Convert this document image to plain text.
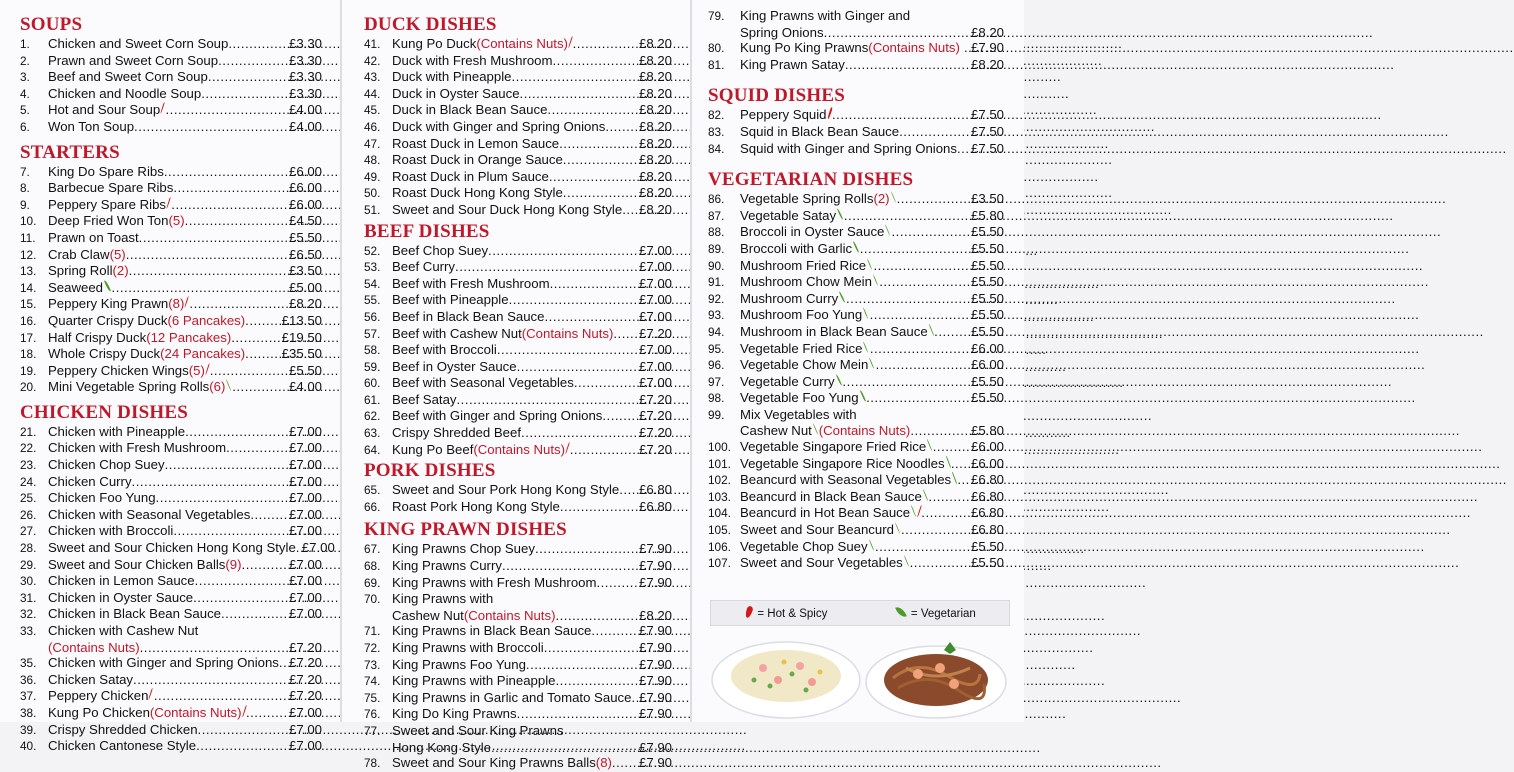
SOUPS
1.	Chicken and Sweet Corn Soup .....	£3.30
2.	Prawn and Sweet Corn Soup .....	£3.30
3.	Beef and Sweet Corn Soup .....	£3.30
4.	Chicken and Noodle Soup .....	£3.30
5.	Hot and Sour Soup .....	£4.00
6.	Won Ton Soup .....	£4.00
STARTERS
7.	King Do Spare Ribs .....	£6.00
8.	Barbecue Spare Ribs .....	£6.00
9.	Peppery Spare Ribs .....	£6.00
10. Deep Fried Won Ton (5) .....	£4.50
11. Prawn on Toast .....	£5.50
12. Crab Claw (5) .....	£6.50
13. Spring Roll (2) .....	£3.50
14. Seaweed .....	£5.00
15. Peppery King Prawn (8) .....	£8.20
16. Quarter Crispy Duck (6 Pancakes) .....	£13.50
17. Half Crispy Duck (12 Pancakes) .....	£19.50
18. Whole Crispy Duck (24 Pancakes) .....	£35.50
19. Peppery Chicken Wings (5) .....	£5.50
20. Mini Vegetable Spring Rolls (6) .....	£4.00
CHICKEN DISHES
21. Chicken with Pineapple .....	£7.00
22. Chicken with Fresh Mushroom .....	£7.00
23. Chicken Chop Suey .....	£7.00
24. Chicken Curry .....	£7.00
25. Chicken Foo Yung .....	£7.00
26. Chicken with Seasonal Vegetables .....	£7.00
27. Chicken with Broccoli .....	£7.00
28. Sweet and Sour Chicken Hong Kong Style ..... £7.00
29. Sweet and Sour Chicken Balls (9) .....	£7.00
30. Chicken in Lemon Sauce .....	£7.00
31. Chicken in Oyster Sauce .....	£7.00
32. Chicken in Black Bean Sauce .....	£7.00
33. Chicken with Cashew Nut
(Contains Nuts) .....	£7.20
35. Chicken with Ginger and Spring Onions ..... £7.20
36. Chicken Satay .....	£7.20
37. Peppery Chicken .....	£7.20
38. Kung Po Chicken (Contains Nuts) .....	£7.00
39. Crispy Shredded Chicken .....	£7.00
40. Chicken Cantonese Style .....	£7.00
DUCK DISHES
41. Kung Po Duck (Contains Nuts) .....	£8.20
42. Duck with Fresh Mushroom .....	£8.20
43. Duck with Pineapple .....	£8.20
44. Duck in Oyster Sauce .....	£8.20
45. Duck in Black Bean Sauce .....	£8.20
46. Duck with Ginger and Spring Onions .....	£8.20
47. Roast Duck in Lemon Sauce .....	£8.20
48. Roast Duck in Orange Sauce .....	£8.20
49. Roast Duck in Plum Sauce .....	£8.20
50. Roast Duck Hong Kong Style .....	£8.20
51. Sweet and Sour Duck Hong Kong Style ..... £8.20
BEEF DISHES
52. Beef Chop Suey .....	£7.00
53. Beef Curry .....	£7.00
54. Beef with Fresh Mushroom .....	£7.00
55. Beef with Pineapple .....	£7.00
56. Beef in Black Bean Sauce .....	£7.00
57. Beef with Cashew Nut (Contains Nuts) ..... £7.20
58. Beef with Broccoli .....	£7.00
59. Beef in Oyster Sauce .....	£7.00
60. Beef with Seasonal Vegetables .....	£7.00
61. Beef Satay .....	£7.20
62. Beef with Ginger and Spring Onions .....	£7.20
63. Crispy Shredded Beef .....	£7.20
64. Kung Po Beef (Contains Nuts) .....	£7.20
PORK DISHES
65. Sweet and Sour Pork Hong Kong Style ..... £6.80
66. Roast Pork Hong Kong Style .....	£6.80
KING PRAWN DISHES
67. King Prawns Chop Suey .....	£7.90
68. King Prawns Curry .....	£7.90
69. King Prawns with Fresh Mushroom .....	£7.90
70. King Prawns with
Cashew Nut (Contains Nuts) .....	£8.20
71. King Prawns in Black Bean Sauce .....	£7.90
72. King Prawns with Broccoli .....	£7.90
73. King Prawns Foo Yung .....	£7.90
74. King Prawns with Pineapple .....	£7.90
75. King Prawns in Garlic and Tomato Sauce ..... £7.90
76. King Do King Prawns .....	£7.90
77. Sweet and Sour King Prawns
Hong Kong Style .....	£7.90
78. Sweet and Sour King Prawns Balls (8) ..... £7.90
79.	King Prawns with Ginger and
Spring Onions .....	£8.20
80.	Kung Po King Prawns (Contains Nuts) ..... £7.90
81.	King Prawn Satay .....	£8.20
SQUID DISHES
82.	Peppery Squid .....	£7.50
83.	Squid in Black Bean Sauce .....	£7.50
84.	Squid with Ginger and Spring Onions ..... £7.50
VEGETARIAN DISHES
86.	Vegetable Spring Rolls (2) .....	£3.50
87.	Vegetable Satay .....	£5.80
88.	Broccoli in Oyster Sauce .....	£5.50
89.	Broccoli with Garlic .....	£5.50
90.	Mushroom Fried Rice .....	£5.50
91.	Mushroom Chow Mein .....	£5.50
92.	Mushroom Curry .....	£5.50
93.	Mushroom Foo Yung .....	£5.50
94.	Mushroom in Black Bean Sauce .....	£5.50
95.	Vegetable Fried Rice .....	£6.00
96.	Vegetable Chow Mein .....	£6.00
97.	Vegetable Curry .....	£5.50
98.	Vegetable Foo Yung .....	£5.50
99.	Mix Vegetables with
Cashew Nut (Contains Nuts) .....	£5.80
100. Vegetable Singapore Fried Rice .....	£6.00
101. Vegetable Singapore Rice Noodles ..... £6.00
102. Beancurd with Seasonal Vegetables ..... £6.80
103. Beancurd in Black Bean Sauce .....	£6.80
104. Beancurd in Hot Bean Sauce .....	£6.80
105. Sweet and Sour Beancurd .....	£6.80
106. Vegetable Chop Suey .....	£5.50
107. Sweet and Sour Vegetables .....	£5.50
= Hot & Spicy	= Vegetarian
